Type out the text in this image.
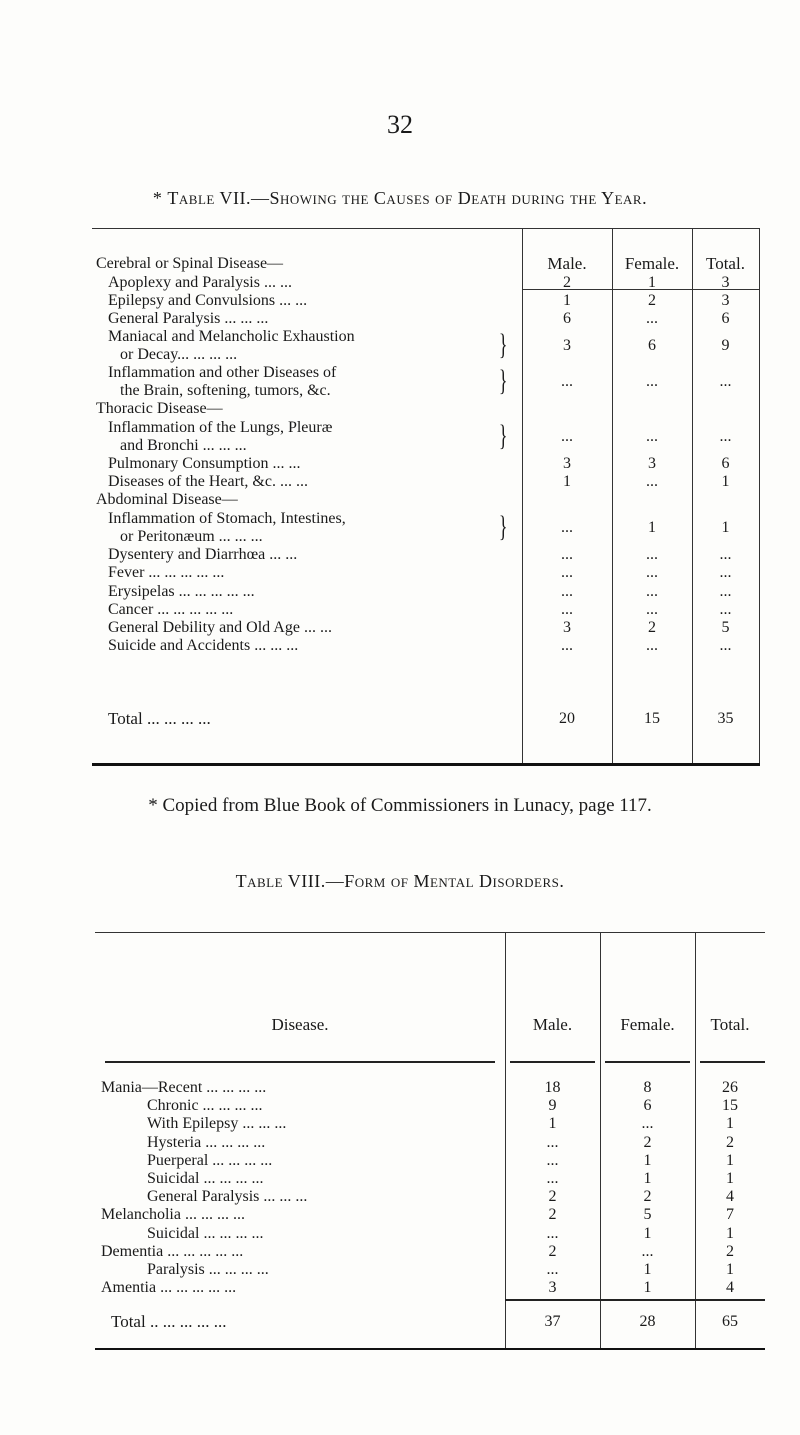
32
* Table VII.—Showing the Causes of Death during the Year.
Male.	Female.	Total.
Cerebral or Spinal Disease—
Apoplexy and Paralysis ... ...	2	1	3
Epilepsy and Convulsions ... ...	1	2	3
General Paralysis ... ... ...	6	...	6
Maniacal and Melancholic Exhaustion
or Decay... ... ... ...	}	3	6	9
Inflammation and other Diseases of
the Brain, softening, tumors, &c.	}	...	...	...
Thoracic Disease—
Inflammation of the Lungs, Pleuræ
and Bronchi ... ... ...	}	...	...	...
Pulmonary Consumption ... ...	3	3	6
Diseases of the Heart, &c. ... ...	1	...	1
Abdominal Disease—
Inflammation of Stomach, Intestines,
or Peritonæum ... ... ...	}	...	1	1
Dysentery and Diarrhœa ... ...	...	...	...
Fever ... ... ... ... ...	...	...	...
Erysipelas ... ... ... ... ...	...	...	...
Cancer ... ... ... ... ...	...	...	...
General Debility and Old Age ... ...	3	2	5
Suicide and Accidents ... ... ...	...	...	...
Total ... ... ... ...	20	15	35
* Copied from Blue Book of Commissioners in Lunacy, page 117.
Table VIII.—Form of Mental Disorders.
Disease.	Male.	Female.	Total.
Mania—Recent ... ... ... ...	18	8	26
Chronic ... ... ... ...	9	6	15
With Epilepsy ... ... ...	1	...	1
Hysteria ... ... ... ...	...	2	2
Puerperal ... ... ... ...	...	1	1
Suicidal ... ... ... ...	...	1	1
General Paralysis ... ... ...	2	2	4
Melancholia ... ... ... ...	2	5	7
Suicidal ... ... ... ...	...	1	1
Dementia ... ... ... ... ...	2	...	2
Paralysis ... ... ... ...	...	1	1
Amentia ... ... ... ... ...	3	1	4
Total .. ... ... ... ...	37	28	65
